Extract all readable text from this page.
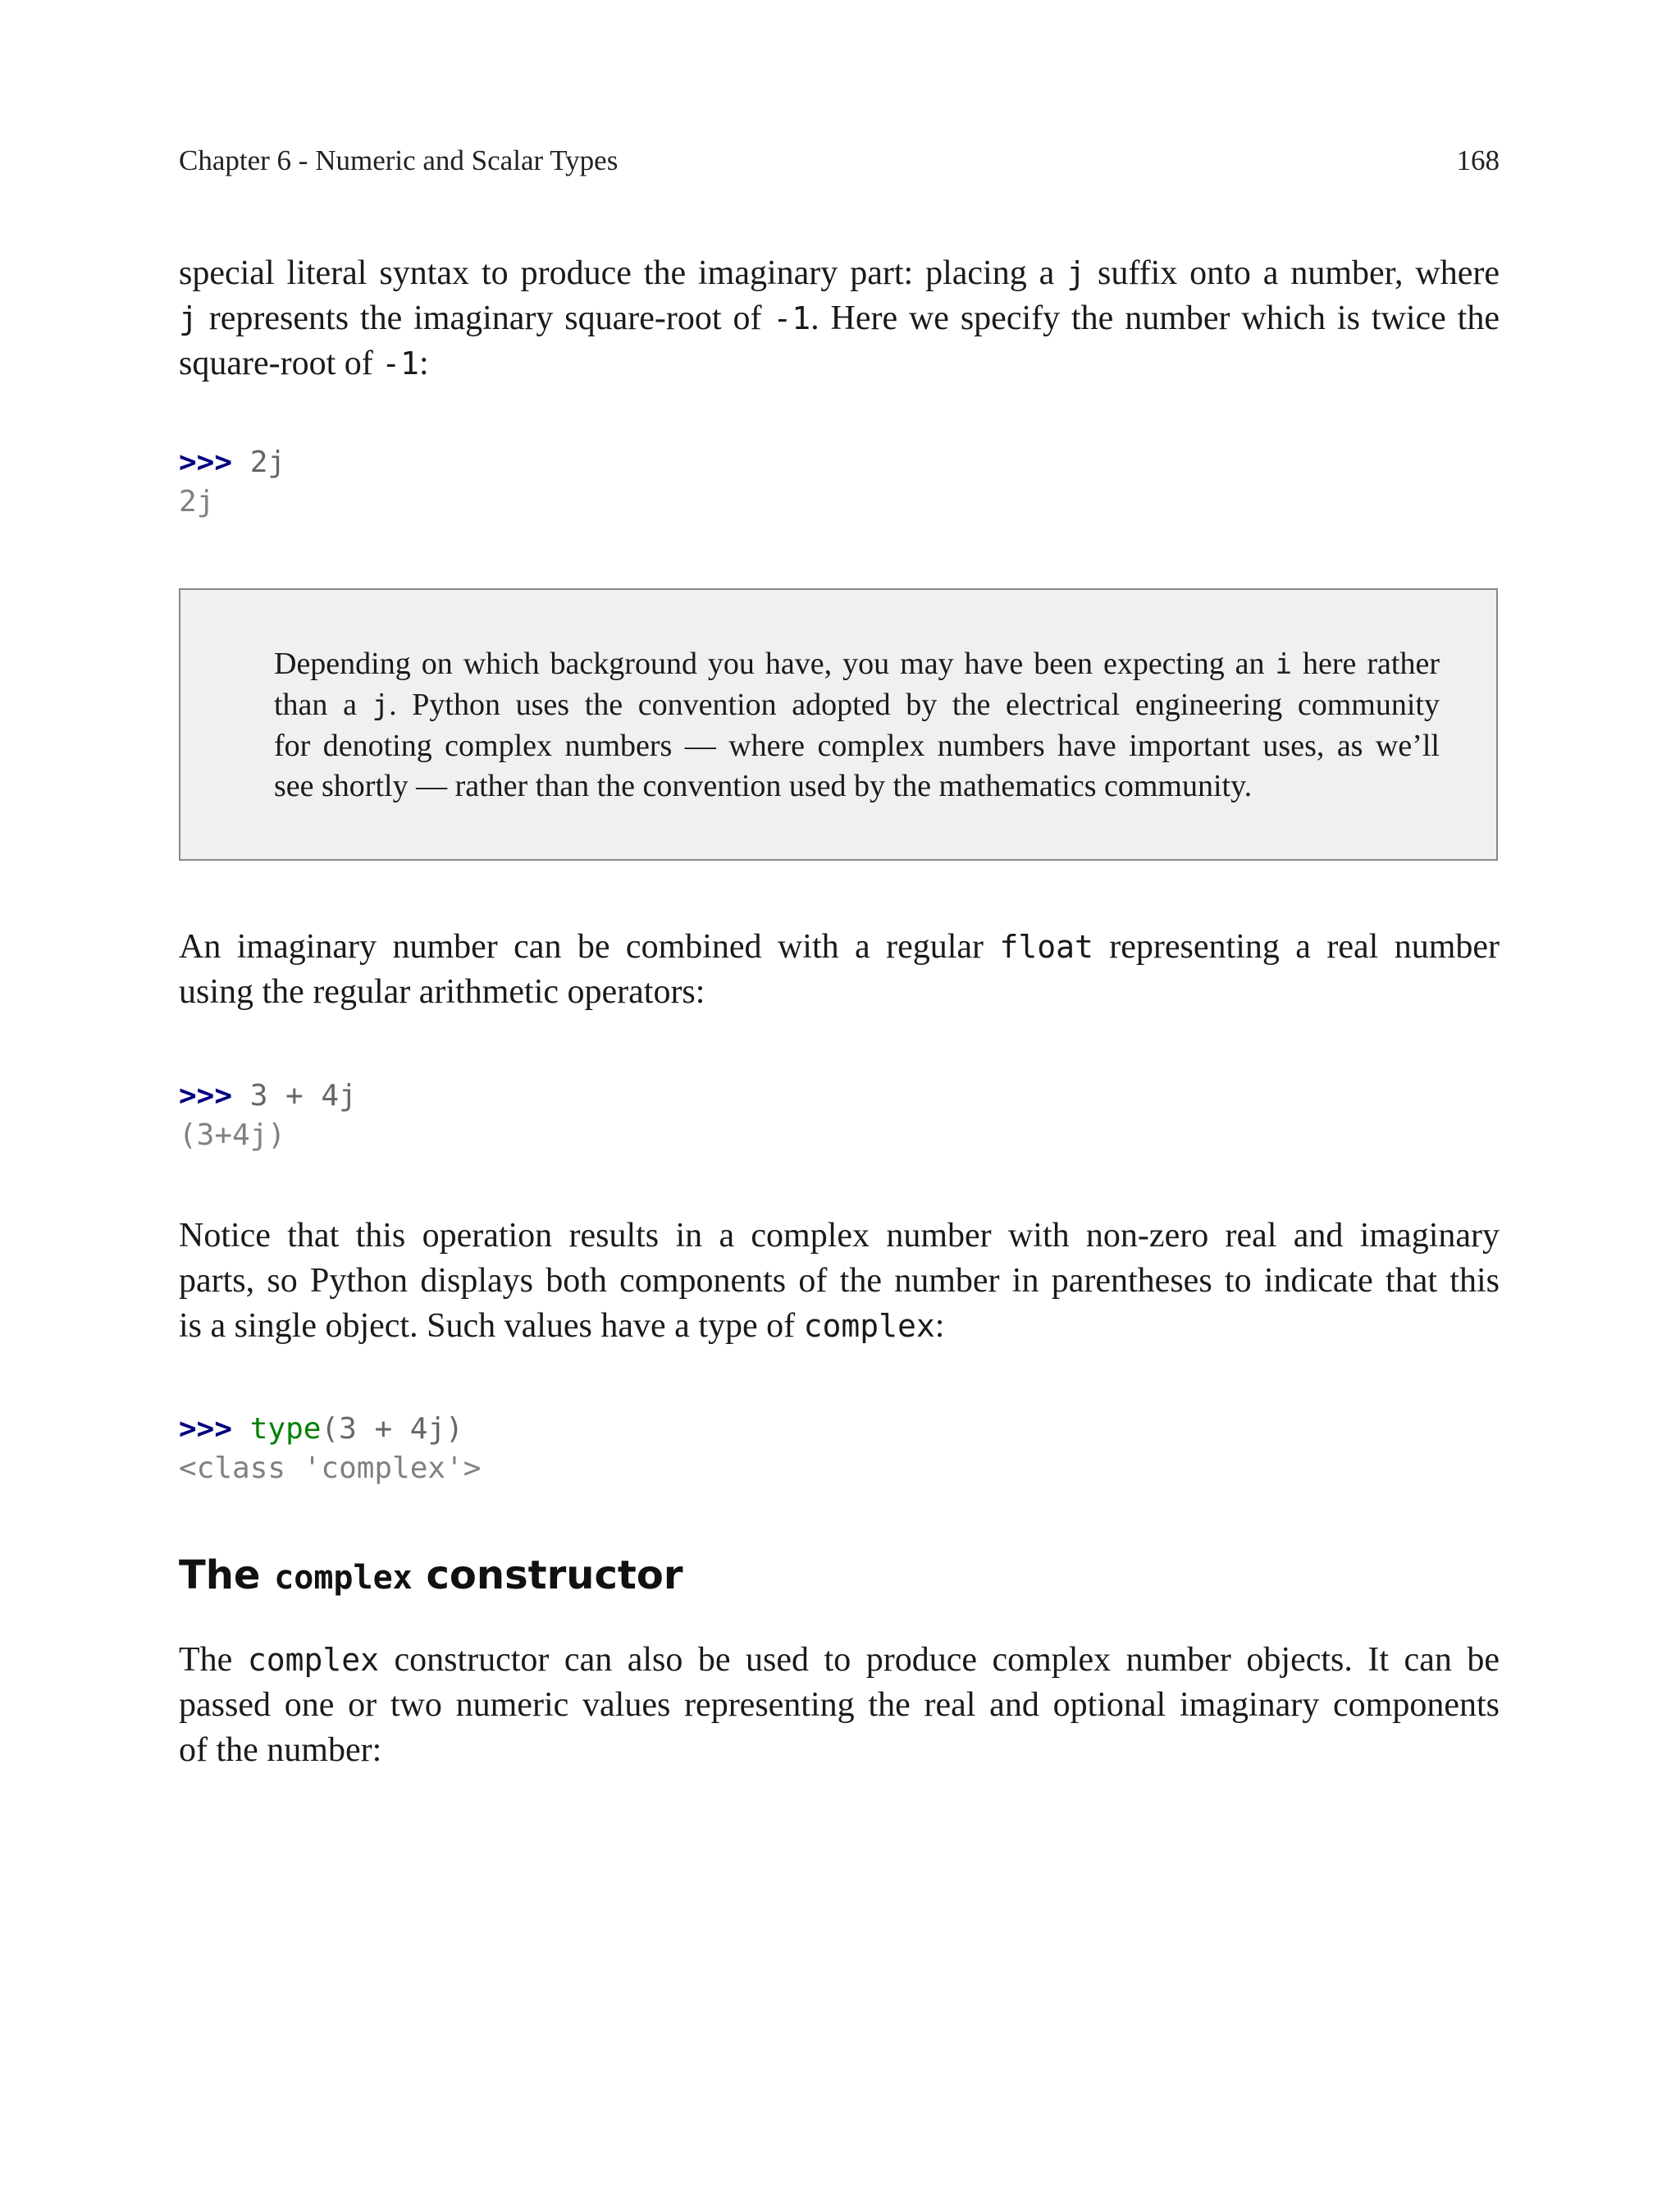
Chapter 6 - Numeric and Scalar Types	168

special literal syntax to produce the imaginary part: placing a j suffix onto a number, where
j represents the imaginary square-root of -1. Here we specify the number which is twice the
square-root of -1:

>>> 2j
2j

Depending on which background you have, you may have been expecting an i here rather
than a j. Python uses the convention adopted by the electrical engineering community
for denoting complex numbers — where complex numbers have important uses, as we’ll
see shortly — rather than the convention used by the mathematics community.

An imaginary number can be combined with a regular float representing a real number
using the regular arithmetic operators:

>>> 3 + 4j
(3+4j)

Notice that this operation results in a complex number with non-zero real and imaginary
parts, so Python displays both components of the number in parentheses to indicate that this
is a single object. Such values have a type of complex:

>>> type(3 + 4j)
<class 'complex'>
The complex constructor

The complex constructor can also be used to produce complex number objects. It can be
passed one or two numeric values representing the real and optional imaginary components
of the number:
